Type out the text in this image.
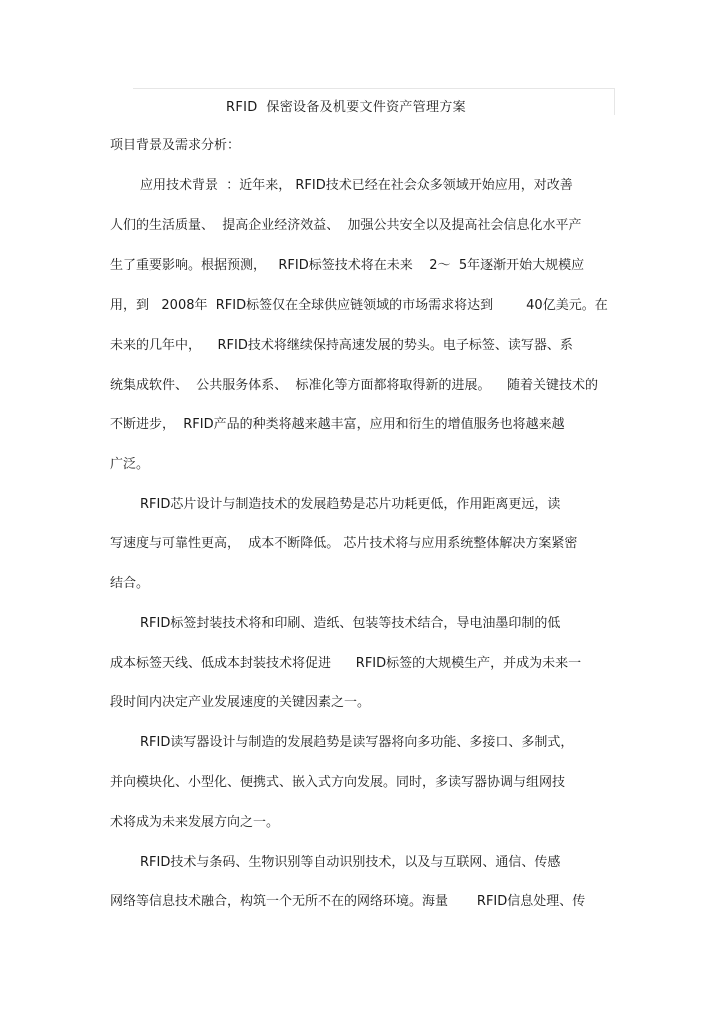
RFID  保密设备及机要文件资产管理方案
项目背景及需求分析：
应用技术背景  ：近年来， RFID技术已经在社会众多领域开始应用，对改善
人们的生活质量、  提高企业经济效益、  加强公共安全以及提高社会信息化水平产
生了重要影响。根据预测，   RFID标签技术将在未来    2～  5年逐渐开始大规模应
用，到   2008年  RFID标签仅在全球供应链领域的市场需求将达到        40亿美元。在
未来的几年中，    RFID技术将继续保持高速发展的势头。电子标签、读写器、系
统集成软件、  公共服务体系、  标准化等方面都将取得新的进展。    随着关键技术的
不断进步，  RFID产品的种类将越来越丰富，应用和衍生的增值服务也将越来越
广泛。
RFID芯片设计与制造技术的发展趋势是芯片功耗更低，作用距离更远，读
写速度与可靠性更高，  成本不断降低。 芯片技术将与应用系统整体解决方案紧密
结合。
RFID标签封装技术将和印刷、造纸、包装等技术结合，导电油墨印制的低
成本标签天线、低成本封装技术将促进      RFID标签的大规模生产，并成为未来一
段时间内决定产业发展速度的关键因素之一。
RFID读写器设计与制造的发展趋势是读写器将向多功能、多接口、多制式，
并向模块化、小型化、便携式、嵌入式方向发展。同时，多读写器协调与组网技
术将成为未来发展方向之一。
RFID技术与条码、生物识别等自动识别技术，以及与互联网、通信、传感
网络等信息技术融合，构筑一个无所不在的网络环境。海量       RFID信息处理、传
